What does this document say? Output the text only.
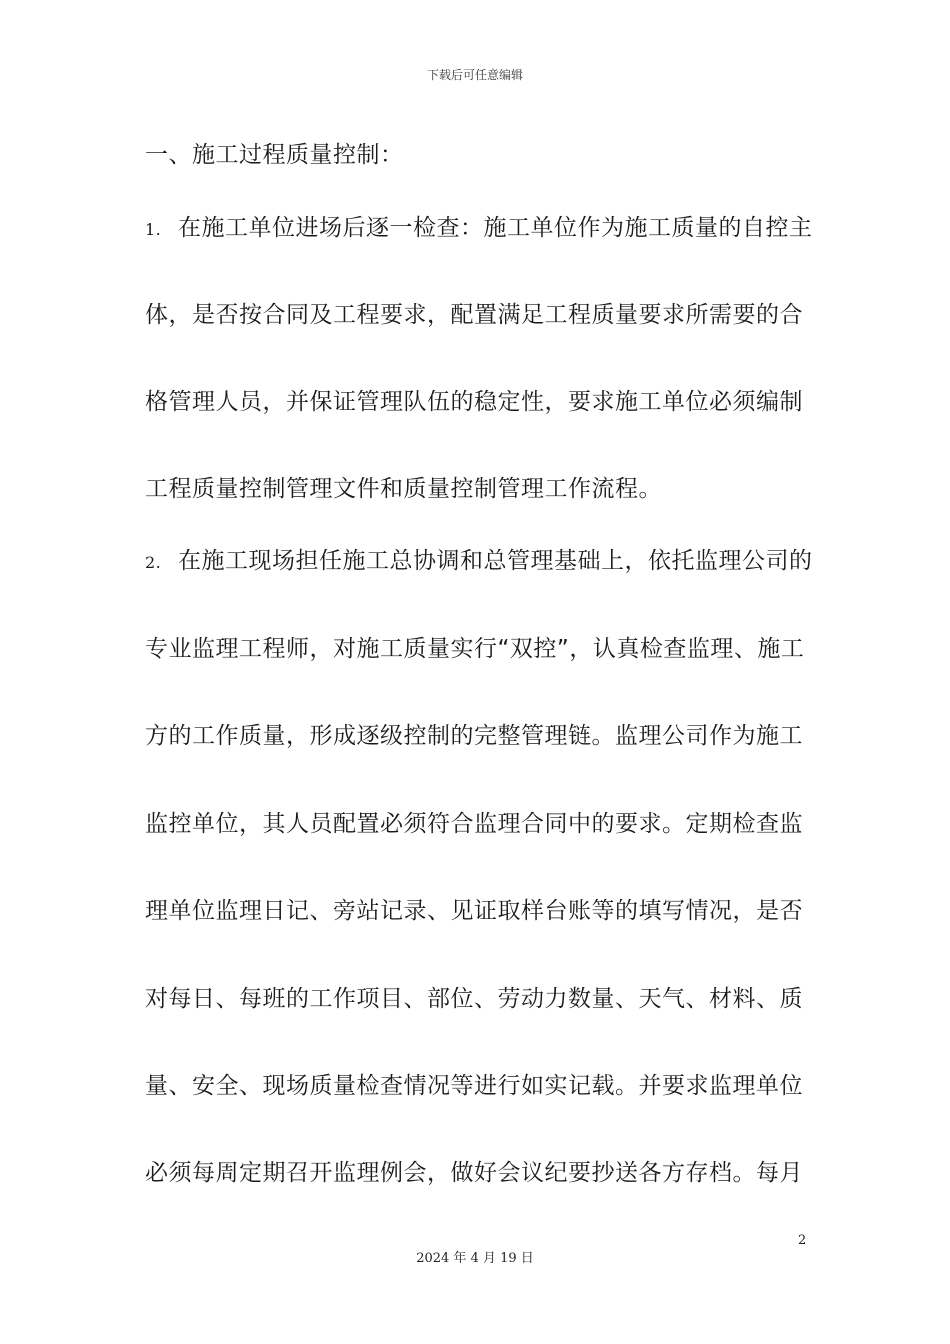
下载后可任意编辑
一、施工过程质量控制：
1. 在施工单位进场后逐一检查：施工单位作为施工质量的自控主
体，是否按合同及工程要求，配置满足工程质量要求所需要的合
格管理人员，并保证管理队伍的稳定性，要求施工单位必须编制
工程质量控制管理文件和质量控制管理工作流程。
2. 在施工现场担任施工总协调和总管理基础上，依托监理公司的
专业监理工程师，对施工质量实行“双控”，认真检查监理、施工
方的工作质量，形成逐级控制的完整管理链。监理公司作为施工
监控单位，其人员配置必须符合监理合同中的要求。定期检查监
理单位监理日记、旁站记录、见证取样台账等的填写情况，是否
对每日、每班的工作项目、部位、劳动力数量、天气、材料、质
量、安全、现场质量检查情况等进行如实记载。并要求监理单位
必须每周定期召开监理例会，做好会议纪要抄送各方存档。每月
2
2024 年 4 月 19 日
